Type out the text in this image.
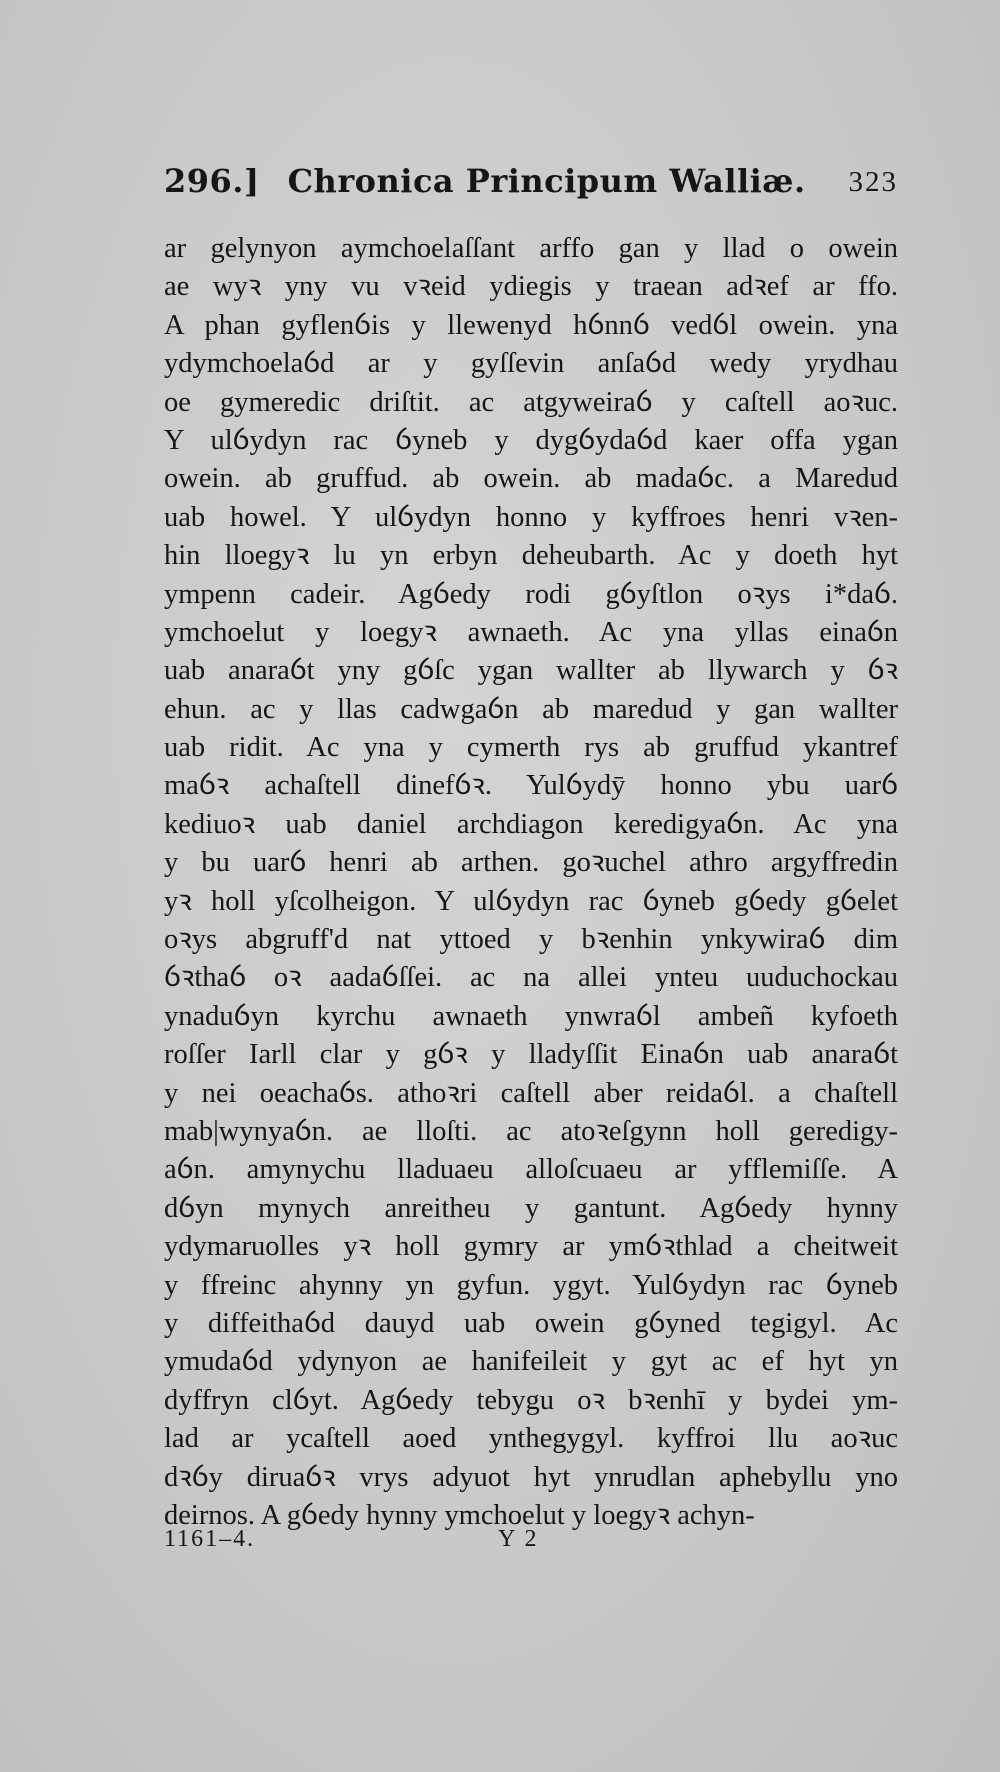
296.] Chronica Principum Walliæ. 323
ar gelynyon aymchoelaſſant arffo gan y llad o owein
ae wyꝛ yny vu vꝛeid ydiegis y traean adꝛef ar ffo.
A phan gyflenỽis y llewenyd hỽnnỽ vedỽl owein. yna
ydymchoelaỽd ar y gyſſevin anſaỽd wedy yrydhau
oe gymeredic driſtit. ac atgyweiraỽ y caſtell aoꝛuc.
Y ulỽydyn rac ỽyneb y dygỽydaỽd kaer offa ygan
owein. ab gruffud. ab owein. ab madaỽc. a Maredud
uab howel. Y ulỽydyn honno y kyffroes henri vꝛen-
hin lloegyꝛ lu yn erbyn deheubarth. Ac y doeth hyt
ympenn cadeir. Agỽedy rodi gỽyſtlon oꝛys i*daỽ.
ymchoelut y loegyꝛ awnaeth. Ac yna yllas einaỽn
uab anaraỽt yny gỽſc ygan wallter ab llywarch y ỽꝛ
ehun. ac y llas cadwgaỽn ab maredud y gan wallter
uab ridit. Ac yna y cymerth rys ab gruffud ykantref
maỽꝛ achaſtell dinefỽꝛ. Yulỽydȳ honno ybu uarỽ
kediuoꝛ uab daniel archdiagon keredigyaỽn. Ac yna
y bu uarỽ henri ab arthen. goꝛuchel athro argyffredin
yꝛ holl yſcolheigon. Y ulỽydyn rac ỽyneb gỽedy gỽelet
oꝛys abgruff'd nat yttoed y bꝛenhin ynkywiraỽ dim
ỽꝛthaỽ oꝛ aadaỽſſei. ac na allei ynteu uuduchockau
ynaduỽyn kyrchu awnaeth ynwraỽl ambeñ kyfoeth
roſſer Iarll clar y gỽꝛ y lladyſſit Einaỽn uab anaraỽt
y nei oeachaỽs. athoꝛri caſtell aber reidaỽl. a chaſtell
mab|wynyaỽn. ae lloſti. ac atoꝛeſgynn holl geredigy-
aỽn. amynychu lladuaeu alloſcuaeu ar yfflemiſſe. A
dỽyn mynych anreitheu y gantunt. Agỽedy hynny
ydymaruolles yꝛ holl gymry ar ymỽꝛthlad a cheitweit
y ffreinc ahynny yn gyfun. ygyt. Yulỽydyn rac ỽyneb
y diffeithaỽd dauyd uab owein gỽyned tegigyl. Ac
ymudaỽd ydynyon ae hanifeileit y gyt ac ef hyt yn
dyffryn clỽyt. Agỽedy tebygu oꝛ bꝛenhī y bydei ym-
lad ar ycaſtell aoed ynthegygyl. kyffroi llu aoꝛuc
dꝛỽy diruaỽꝛ vrys adyuot hyt ynrudlan aphebyllu yno
deirnos. A gỽedy hynny ymchoelut y loegyꝛ achyn-
1161–4.	Y 2
